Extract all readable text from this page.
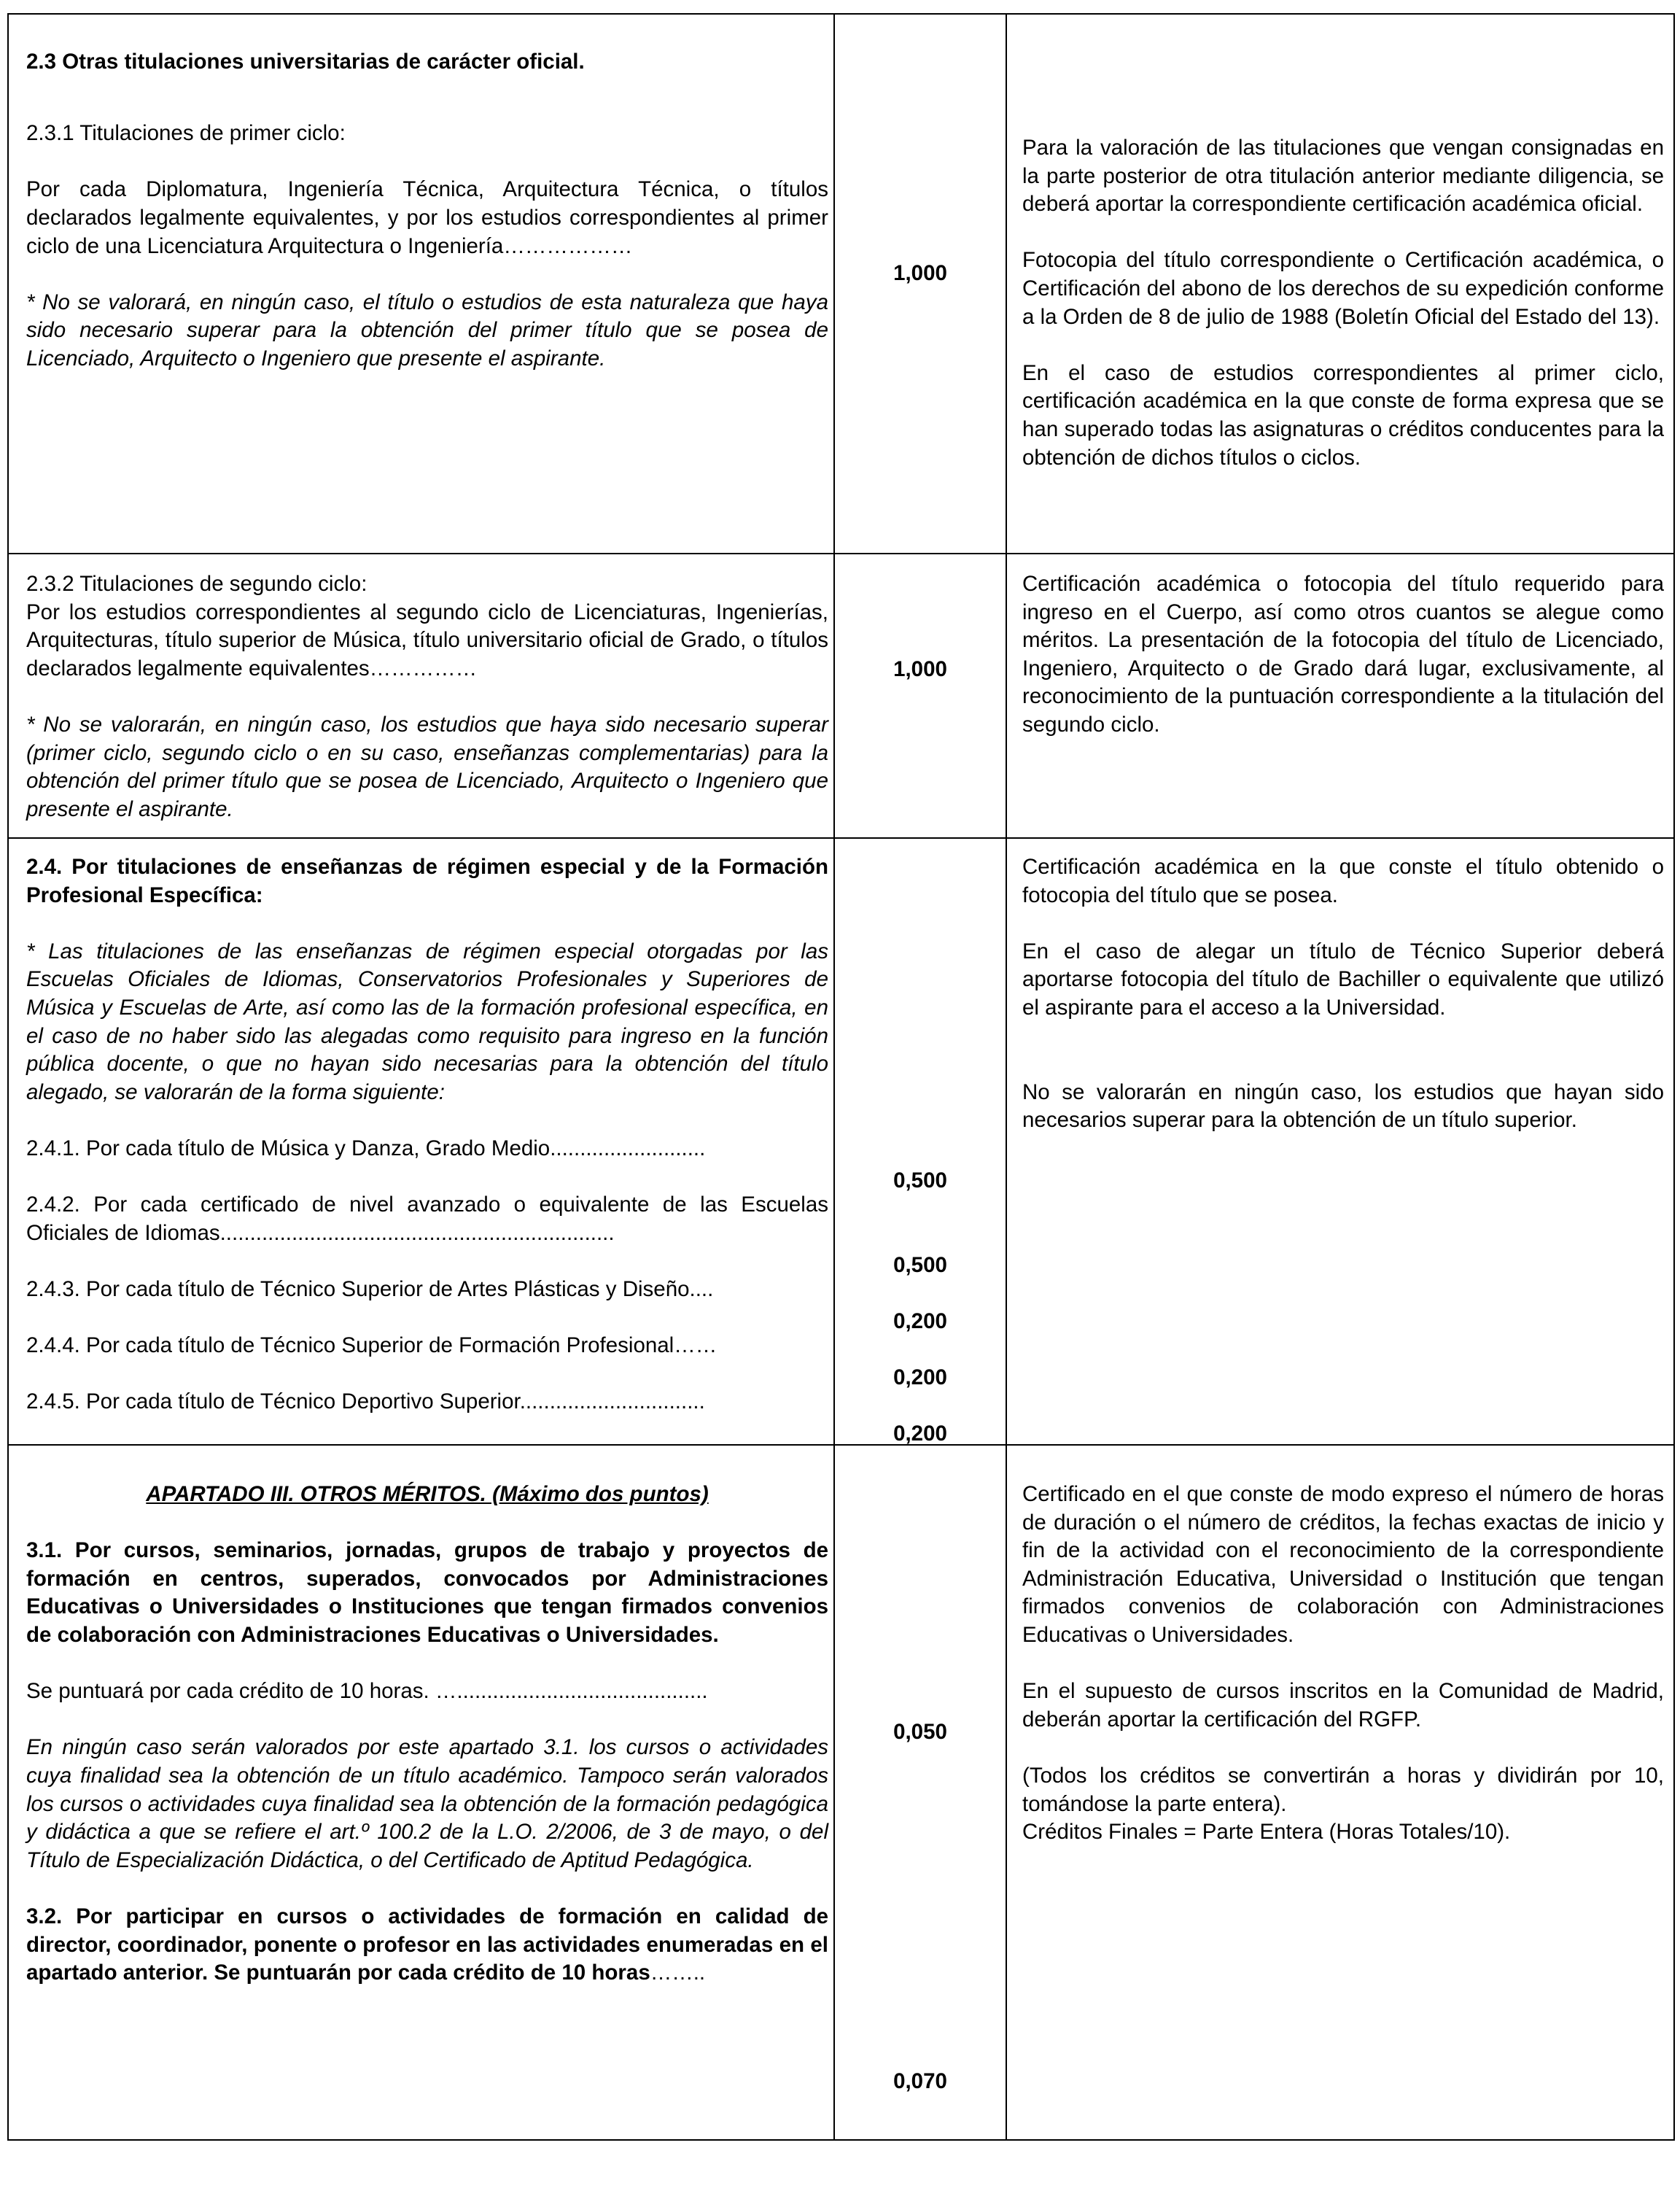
2.3 Otras titulaciones universitarias de carácter oficial.

2.3.1 Titulaciones de primer ciclo:

Por cada Diplomatura, Ingeniería Técnica, Arquitectura Técnica, o títulos declarados legalmente equivalentes, y por los estudios correspondientes al primer ciclo de una Licenciatura Arquitectura o Ingeniería………………

* No se valorará, en ningún caso, el título o estudios de esta naturaleza que haya sido necesario superar para la obtención del primer título que se posea de Licenciado, Arquitecto o Ingeniero que presente el aspirante.

1,000

Para la valoración de las titulaciones que vengan consignadas en la parte posterior de otra titulación anterior mediante diligencia, se deberá aportar la correspondiente certificación académica oficial.

Fotocopia del título correspondiente o Certificación académica, o Certificación del abono de los derechos de su expedición conforme a la Orden de 8 de julio de 1988 (Boletín Oficial del Estado del 13).

En el caso de estudios correspondientes al primer ciclo, certificación académica en la que conste de forma expresa que se han superado todas las asignaturas o créditos conducentes para la obtención de dichos títulos o ciclos.

2.3.2 Titulaciones de segundo ciclo:

Por los estudios correspondientes al segundo ciclo de Licenciaturas, Ingenierías, Arquitecturas, título superior de Música, título universitario oficial de Grado, o títulos declarados legalmente equivalentes……………

* No se valorarán, en ningún caso, los estudios que haya sido necesario superar (primer ciclo, segundo ciclo o en su caso, enseñanzas complementarias) para la obtención del primer título que se posea de Licenciado, Arquitecto o Ingeniero que presente el aspirante.

1,000

Certificación académica o fotocopia del título requerido para ingreso en el Cuerpo, así como otros cuantos se alegue como méritos. La presentación de la fotocopia del título de Licenciado, Ingeniero, Arquitecto o de Grado dará lugar, exclusivamente, al reconocimiento de la puntuación correspondiente a la titulación del segundo ciclo.

2.4. Por titulaciones de enseñanzas de régimen especial y de la Formación Profesional Específica:

* Las titulaciones de las enseñanzas de régimen especial otorgadas por las Escuelas Oficiales de Idiomas, Conservatorios Profesionales y Superiores de Música y Escuelas de Arte, así como las de la formación profesional específica, en el caso de no haber sido las alegadas como requisito para ingreso en la función pública docente, o que no hayan sido necesarias para la obtención del título alegado, se valorarán de la forma siguiente:

2.4.1. Por cada título de Música y Danza, Grado Medio..........................

2.4.2. Por cada certificado de nivel avanzado o equivalente de las Escuelas Oficiales de Idiomas..................................................................

2.4.3. Por cada título de Técnico Superior de Artes Plásticas y Diseño....

2.4.4. Por cada título de Técnico Superior de Formación Profesional……

2.4.5. Por cada título de Técnico Deportivo Superior...............................

0,500
0,500
0,200
0,200
0,200

Certificación académica en la que conste el título obtenido o fotocopia del título que se posea.

En el caso de alegar un título de Técnico Superior deberá aportarse fotocopia del título de Bachiller o equivalente que utilizó el aspirante para el acceso a la Universidad.

No se valorarán en ningún caso, los estudios que hayan sido necesarios superar para la obtención de un título superior.

APARTADO III. OTROS MÉRITOS. (Máximo dos puntos)

3.1. Por cursos, seminarios, jornadas, grupos de trabajo y proyectos de formación en centros, superados, convocados por Administraciones Educativas o Universidades o Instituciones que tengan firmados convenios de colaboración con Administraciones Educativas o Universidades.

Se puntuará por cada crédito de 10 horas. …..........................................

En ningún caso serán valorados por este apartado 3.1. los cursos o actividades cuya finalidad sea la obtención de un título académico. Tampoco serán valorados los cursos o actividades cuya finalidad sea la obtención de la formación pedagógica y didáctica a que se refiere el art.º 100.2 de la L.O. 2/2006, de 3 de mayo, o del Título de Especialización Didáctica, o del Certificado de Aptitud Pedagógica.

3.2. Por participar en cursos o actividades de formación en calidad de director, coordinador, ponente o profesor en las actividades enumeradas en el apartado anterior. Se puntuarán por cada crédito de 10 horas……..

0,050
0,070

Certificado en el que conste de modo expreso el número de horas de duración o el número de créditos, la fechas exactas de inicio y fin de la actividad con el reconocimiento de la correspondiente Administración Educativa, Universidad o Institución que tengan firmados convenios de colaboración con Administraciones Educativas o Universidades.

En el supuesto de cursos inscritos en la Comunidad de Madrid, deberán aportar la certificación del RGFP.

(Todos los créditos se convertirán a horas y dividirán por 10, tomándose la parte entera).

Créditos Finales = Parte Entera (Horas Totales/10).
